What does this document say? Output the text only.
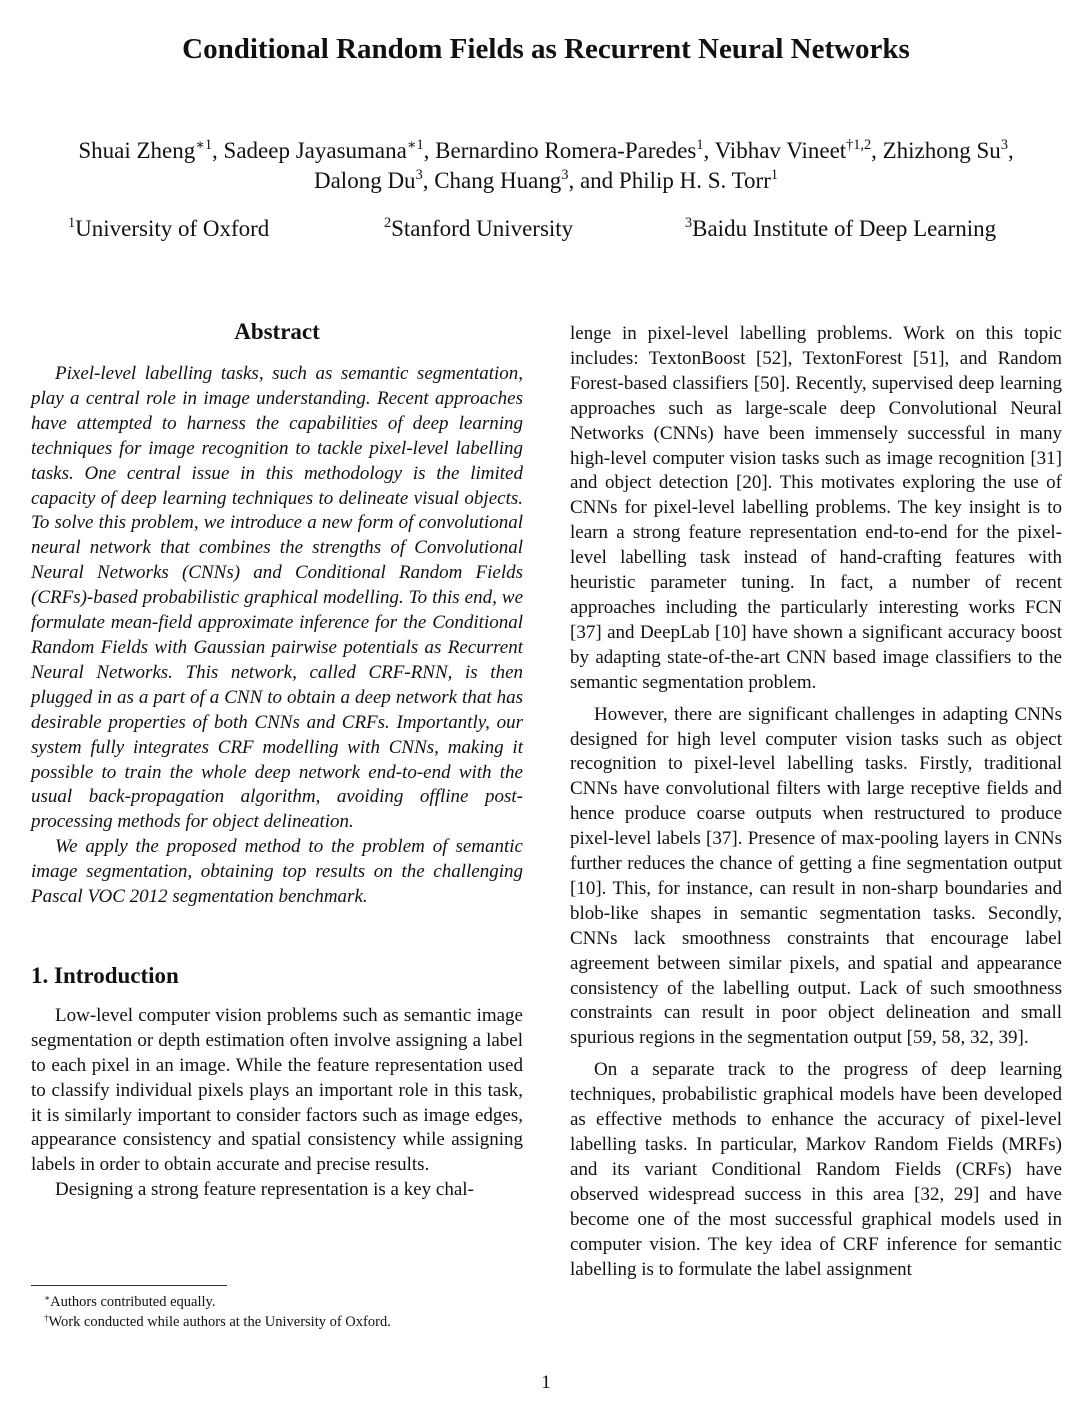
Conditional Random Fields as Recurrent Neural Networks
Shuai Zheng$^{∗1}$, Sadeep Jayasumana$^{∗1}$, Bernardino Romera-Paredes$^1$, Vibhav Vineet$^{\dagger 1,2}$, Zhizhong Su$^3$,
Dalong Du$^3$, Chang Huang$^3$, and Philip H. S. Torr$^1$
$^1$University of Oxford	$^2$Stanford University	$^3$Baidu Institute of Deep Learning
Abstract

Pixel-level labelling tasks, such as semantic segmentation, play a central role in image understanding. Recent approaches have attempted to harness the capabilities of deep learning techniques for image recognition to tackle pixel-level labelling tasks. One central issue in this methodology is the limited capacity of deep learning techniques to delineate visual objects. To solve this problem, we introduce a new form of convolutional neural network that combines the strengths of Convolutional Neural Networks (CNNs) and Conditional Random Fields (CRFs)-based probabilistic graphical modelling. To this end, we formulate mean-field approximate inference for the Conditional Random Fields with Gaussian pairwise potentials as Recurrent Neural Networks. This network, called CRF-RNN, is then plugged in as a part of a CNN to obtain a deep network that has desirable properties of both CNNs and CRFs. Importantly, our system fully integrates CRF modelling with CNNs, making it possible to train the whole deep network end-to-end with the usual back-propagation algorithm, avoiding offline post-processing methods for object delineation.

We apply the proposed method to the problem of semantic image segmentation, obtaining top results on the challenging Pascal VOC 2012 segmentation benchmark.

1. Introduction

Low-level computer vision problems such as semantic image segmentation or depth estimation often involve assigning a label to each pixel in an image. While the feature representation used to classify individual pixels plays an important role in this task, it is similarly important to consider factors such as image edges, appearance consistency and spatial consistency while assigning labels in order to obtain accurate and precise results.

Designing a strong feature representation is a key chal-

lenge in pixel-level labelling problems. Work on this topic includes: TextonBoost [52], TextonForest [51], and Random Forest-based classifiers [50]. Recently, supervised deep learning approaches such as large-scale deep Convolutional Neural Networks (CNNs) have been immensely successful in many high-level computer vision tasks such as image recognition [31] and object detection [20]. This motivates exploring the use of CNNs for pixel-level labelling problems. The key insight is to learn a strong feature representation end-to-end for the pixel-level labelling task instead of hand-crafting features with heuristic parameter tuning. In fact, a number of recent approaches including the particularly interesting works FCN [37] and DeepLab [10] have shown a significant accuracy boost by adapting state-of-the-art CNN based image classifiers to the semantic segmentation problem.

However, there are significant challenges in adapting CNNs designed for high level computer vision tasks such as object recognition to pixel-level labelling tasks. Firstly, traditional CNNs have convolutional filters with large receptive fields and hence produce coarse outputs when restructured to produce pixel-level labels [37]. Presence of max-pooling layers in CNNs further reduces the chance of getting a fine segmentation output [10]. This, for instance, can result in non-sharp boundaries and blob-like shapes in semantic segmentation tasks. Secondly, CNNs lack smoothness constraints that encourage label agreement between similar pixels, and spatial and appearance consistency of the labelling output. Lack of such smoothness constraints can result in poor object delineation and small spurious regions in the segmentation output [59, 58, 32, 39].

On a separate track to the progress of deep learning techniques, probabilistic graphical models have been developed as effective methods to enhance the accuracy of pixel-level labelling tasks. In particular, Markov Random Fields (MRFs) and its variant Conditional Random Fields (CRFs) have observed widespread success in this area [32, 29] and have become one of the most successful graphical models used in computer vision. The key idea of CRF inference for semantic labelling is to formulate the label assignment

∗Authors contributed equally.
†Work conducted while authors at the University of Oxford.
1
